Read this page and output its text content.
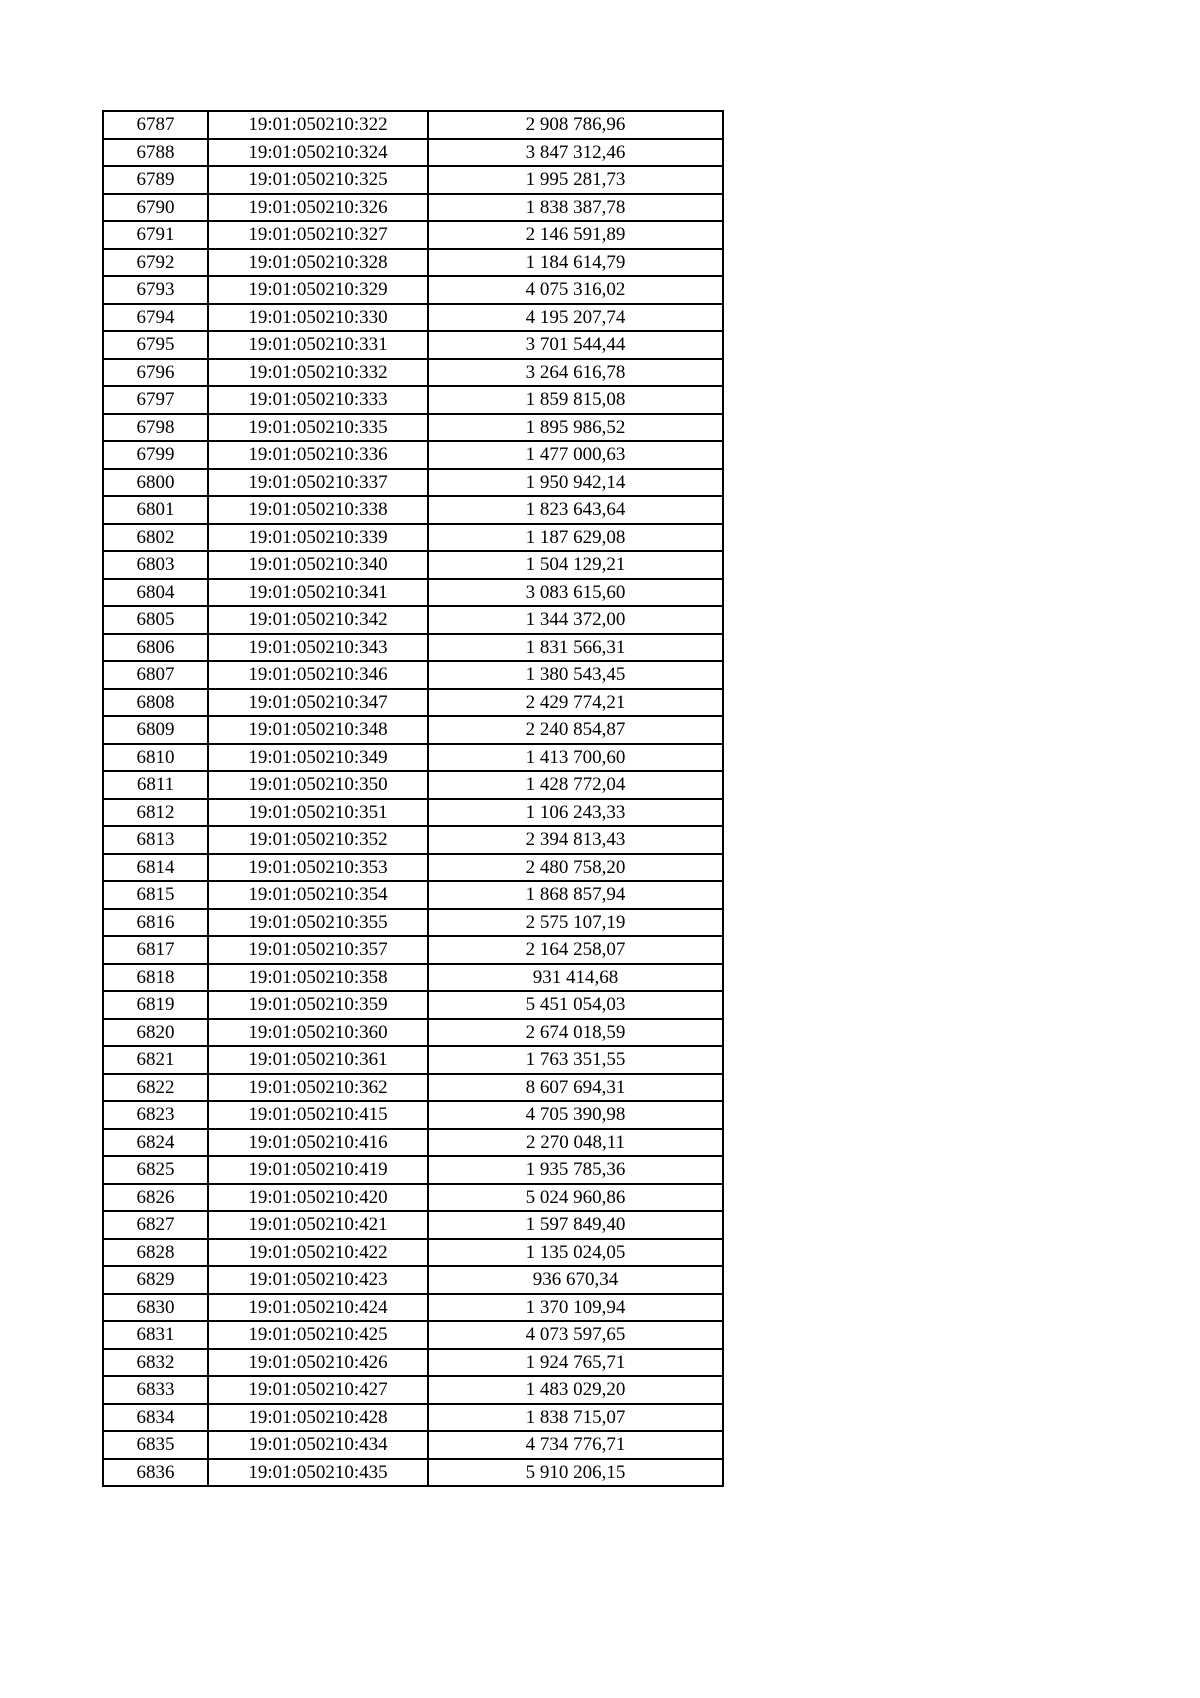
6787	19:01:050210:322	2 908 786,96
6788	19:01:050210:324	3 847 312,46
6789	19:01:050210:325	1 995 281,73
6790	19:01:050210:326	1 838 387,78
6791	19:01:050210:327	2 146 591,89
6792	19:01:050210:328	1 184 614,79
6793	19:01:050210:329	4 075 316,02
6794	19:01:050210:330	4 195 207,74
6795	19:01:050210:331	3 701 544,44
6796	19:01:050210:332	3 264 616,78
6797	19:01:050210:333	1 859 815,08
6798	19:01:050210:335	1 895 986,52
6799	19:01:050210:336	1 477 000,63
6800	19:01:050210:337	1 950 942,14
6801	19:01:050210:338	1 823 643,64
6802	19:01:050210:339	1 187 629,08
6803	19:01:050210:340	1 504 129,21
6804	19:01:050210:341	3 083 615,60
6805	19:01:050210:342	1 344 372,00
6806	19:01:050210:343	1 831 566,31
6807	19:01:050210:346	1 380 543,45
6808	19:01:050210:347	2 429 774,21
6809	19:01:050210:348	2 240 854,87
6810	19:01:050210:349	1 413 700,60
6811	19:01:050210:350	1 428 772,04
6812	19:01:050210:351	1 106 243,33
6813	19:01:050210:352	2 394 813,43
6814	19:01:050210:353	2 480 758,20
6815	19:01:050210:354	1 868 857,94
6816	19:01:050210:355	2 575 107,19
6817	19:01:050210:357	2 164 258,07
6818	19:01:050210:358	931 414,68
6819	19:01:050210:359	5 451 054,03
6820	19:01:050210:360	2 674 018,59
6821	19:01:050210:361	1 763 351,55
6822	19:01:050210:362	8 607 694,31
6823	19:01:050210:415	4 705 390,98
6824	19:01:050210:416	2 270 048,11
6825	19:01:050210:419	1 935 785,36
6826	19:01:050210:420	5 024 960,86
6827	19:01:050210:421	1 597 849,40
6828	19:01:050210:422	1 135 024,05
6829	19:01:050210:423	936 670,34
6830	19:01:050210:424	1 370 109,94
6831	19:01:050210:425	4 073 597,65
6832	19:01:050210:426	1 924 765,71
6833	19:01:050210:427	1 483 029,20
6834	19:01:050210:428	1 838 715,07
6835	19:01:050210:434	4 734 776,71
6836	19:01:050210:435	5 910 206,15
